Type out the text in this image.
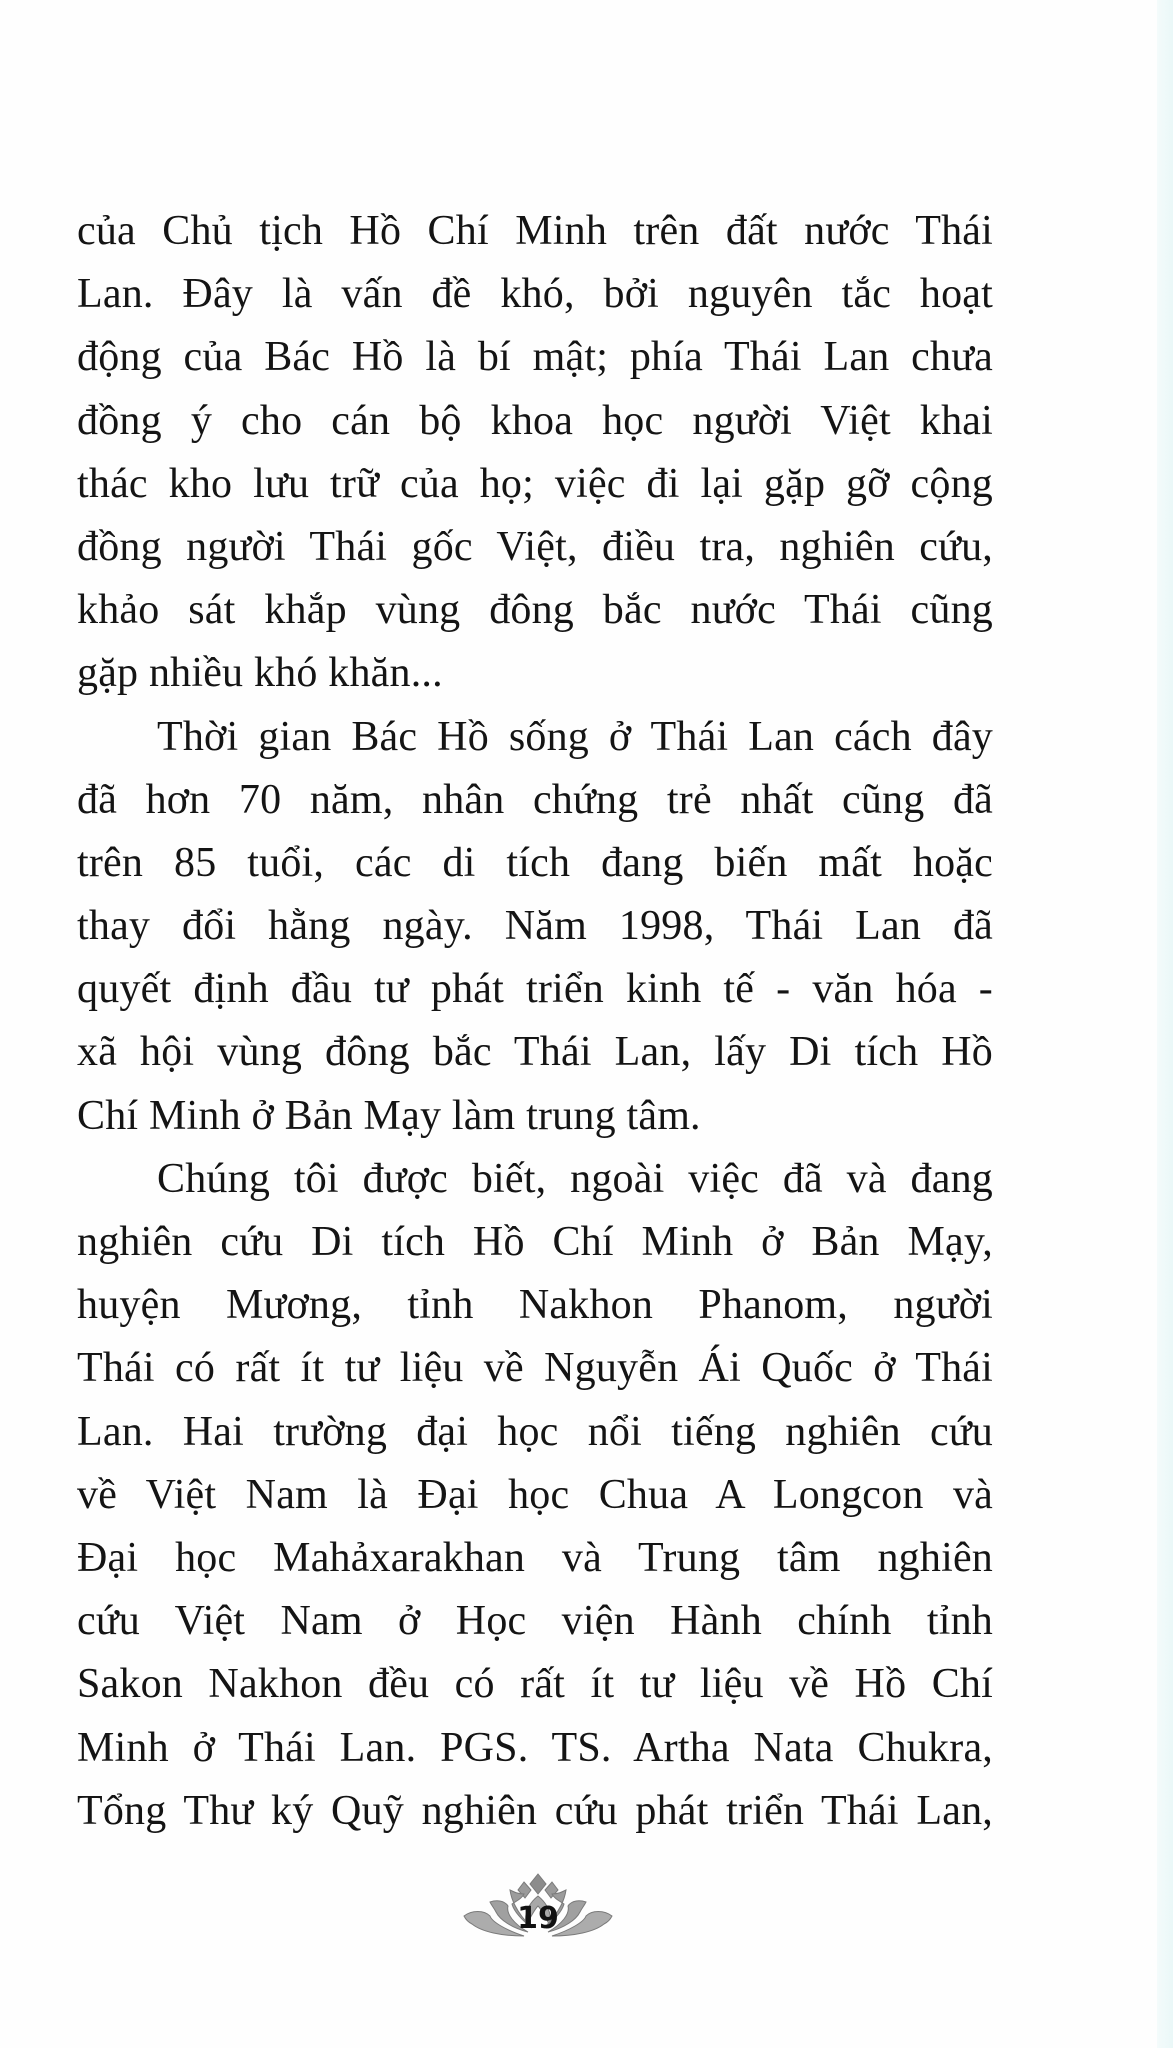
của Chủ tịch Hồ Chí Minh trên đất nước Thái
Lan. Đây là vấn đề khó, bởi nguyên tắc hoạt
động của Bác Hồ là bí mật; phía Thái Lan chưa
đồng ý cho cán bộ khoa học người Việt khai
thác kho lưu trữ của họ; việc đi lại gặp gỡ cộng
đồng người Thái gốc Việt, điều tra, nghiên cứu,
khảo sát khắp vùng đông bắc nước Thái cũng
gặp nhiều khó khăn...
Thời gian Bác Hồ sống ở Thái Lan cách đây
đã hơn 70 năm, nhân chứng trẻ nhất cũng đã
trên 85 tuổi, các di tích đang biến mất hoặc
thay đổi hằng ngày. Năm 1998, Thái Lan đã
quyết định đầu tư phát triển kinh tế - văn hóa -
xã hội vùng đông bắc Thái Lan, lấy Di tích Hồ
Chí Minh ở Bản Mạy làm trung tâm.
Chúng tôi được biết, ngoài việc đã và đang
nghiên cứu Di tích Hồ Chí Minh ở Bản Mạy,
huyện Mương, tỉnh Nakhon Phanom, người
Thái có rất ít tư liệu về Nguyễn Ái Quốc ở Thái
Lan. Hai trường đại học nổi tiếng nghiên cứu
về Việt Nam là Đại học Chua A Longcon và
Đại học Mahảxarakhan và Trung tâm nghiên
cứu Việt Nam ở Học viện Hành chính tỉnh
Sakon Nakhon đều có rất ít tư liệu về Hồ Chí
Minh ở Thái Lan. PGS. TS. Artha Nata Chukra,
Tổng Thư ký Quỹ nghiên cứu phát triển Thái Lan,
19
